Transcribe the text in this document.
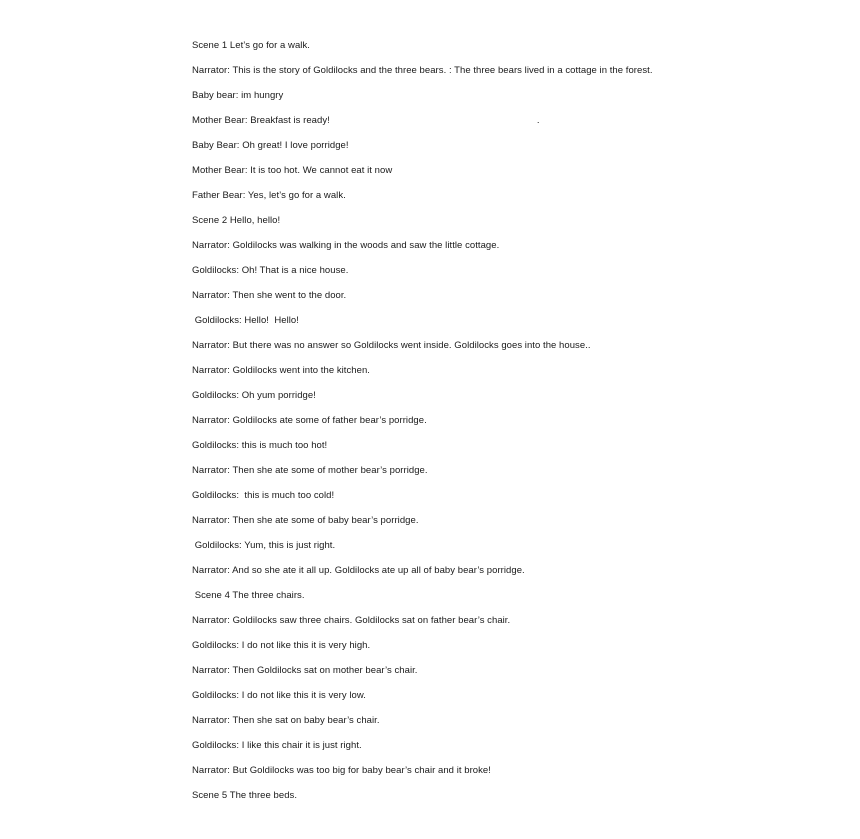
Scene 1 Let’s go for a walk.
Narrator: This is the story of Goldilocks and the three bears. : The three bears lived in a cottage in the forest.
Baby bear: im hungry
Mother Bear: Breakfast is ready!                                                                             .
Baby Bear: Oh great! I love porridge!
Mother Bear: It is too hot. We cannot eat it now
Father Bear: Yes, let’s go for a walk.
Scene 2 Hello, hello!
Narrator: Goldilocks was walking in the woods and saw the little cottage.
Goldilocks: Oh! That is a nice house.
Narrator: Then she went to the door.
Goldilocks: Hello!  Hello!
Narrator: But there was no answer so Goldilocks went inside. Goldilocks goes into the house..
Narrator: Goldilocks went into the kitchen.
Goldilocks: Oh yum porridge!
Narrator: Goldilocks ate some of father bear’s porridge.
Goldilocks: this is much too hot!
Narrator: Then she ate some of mother bear’s porridge.
Goldilocks:  this is much too cold!
Narrator: Then she ate some of baby bear’s porridge.
Goldilocks: Yum, this is just right.
Narrator: And so she ate it all up. Goldilocks ate up all of baby bear’s porridge.
Scene 4 The three chairs.
Narrator: Goldilocks saw three chairs. Goldilocks sat on father bear’s chair.
Goldilocks: I do not like this it is very high.
Narrator: Then Goldilocks sat on mother bear’s chair.
Goldilocks: I do not like this it is very low.
Narrator: Then she sat on baby bear’s chair.
Goldilocks: I like this chair it is just right.
Narrator: But Goldilocks was too big for baby bear’s chair and it broke!
Scene 5 The three beds.
